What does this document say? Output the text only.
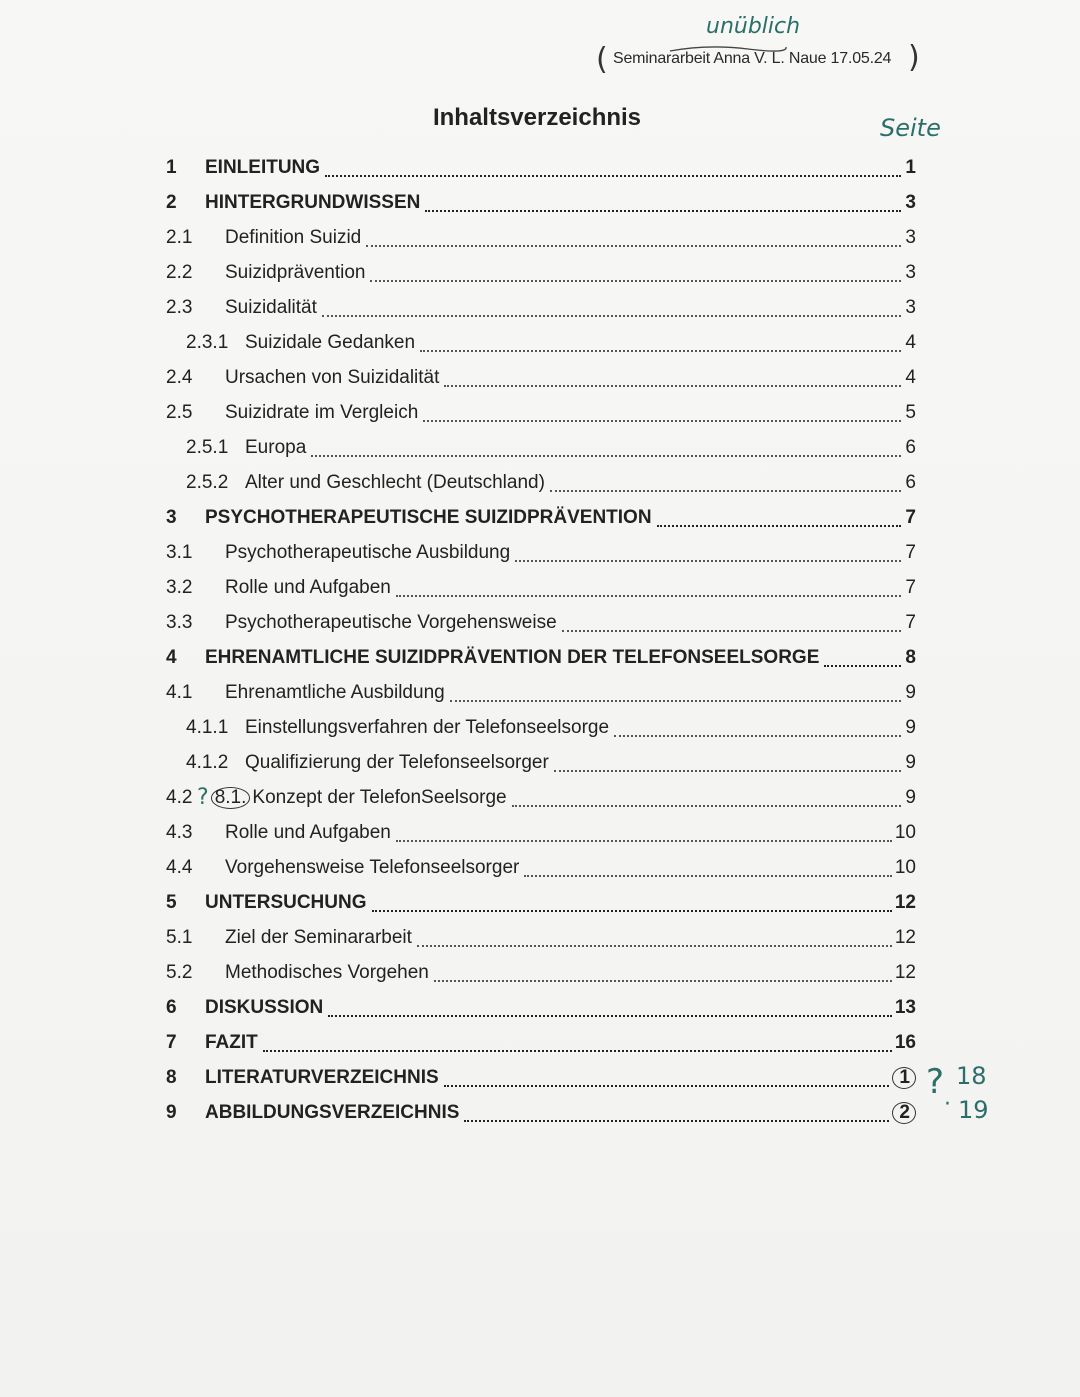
unüblich
( Seminararbeit Anna V. L. Naue 17.05.24 )
Inhaltsverzeichnis	Seite
1	EINLEITUNG	1
2	HINTERGRUNDWISSEN	3
2.1	Definition Suizid	3
2.2	Suizidprävention	3
2.3	Suizidalität	3
2.3.1 Suizidale Gedanken	4
2.4	Ursachen von Suizidalität	4
2.5	Suizidrate im Vergleich	5
2.5.1 Europa	6
2.5.2 Alter und Geschlecht (Deutschland)	6
3	PSYCHOTHERAPEUTISCHE SUIZIDPRÄVENTION	7
3.1	Psychotherapeutische Ausbildung	7
3.2	Rolle und Aufgaben	7
3.3	Psychotherapeutische Vorgehensweise	7
4	EHRENAMTLICHE SUIZIDPRÄVENTION DER TELEFONSEELSORGE	8
4.1	Ehrenamtliche Ausbildung	9
4.1.1 Einstellungsverfahren der Telefonseelsorge	9
4.1.2 Qualifizierung der Telefonseelsorger	9
4.2 ? 8.1. Konzept der TelefonSeelsorge	9
4.3	Rolle und Aufgaben	10
4.4	Vorgehensweise Telefonseelsorger	10
5	UNTERSUCHUNG	12
5.1	Ziel der Seminararbeit	12
5.2	Methodisches Vorgehen	12
6	DISKUSSION	13
7	FAZIT	16
8	LITERATURVERZEICHNIS	1
9	ABBILDUNGSVERZEICHNIS	2
? 18
· 19
